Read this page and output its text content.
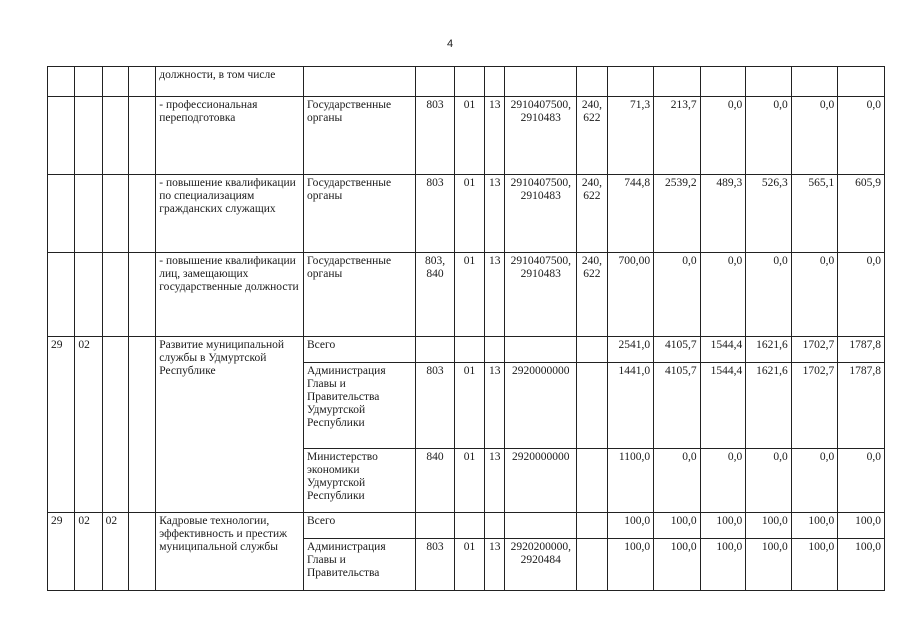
4
				должности, в том числе												
				- профессиональная переподготовка	Государственные органы	803	01	13	2910407500, 2910483	240, 622	71,3	213,7	0,0	0,0	0,0	0,0
				- повышение квалификации по специализациям гражданских служащих	Государственные органы	803	01	13	2910407500, 2910483	240, 622	744,8	2539,2	489,3	526,3	565,1	605,9
				- повышение квалификации лиц, замещающих государственные должности	Государственные органы	803, 840	01	13	2910407500, 2910483	240, 622	700,00	0,0	0,0	0,0	0,0	0,0
29	02			Развитие муниципальной службы в Удмуртской Республике	Всего						2541,0	4105,7	1544,4	1621,6	1702,7	1787,8
					Администрация Главы и Правительства Удмуртской Республики	803	01	13	2920000000		1441,0	4105,7	1544,4	1621,6	1702,7	1787,8
					Министерство экономики Удмуртской Республики	840	01	13	2920000000		1100,0	0,0	0,0	0,0	0,0	0,0
29	02	02		Кадровые технологии, эффективность и престиж муниципальной службы	Всего						100,0	100,0	100,0	100,0	100,0	100,0
					Администрация Главы и Правительства	803	01	13	2920200000, 2920484		100,0	100,0	100,0	100,0	100,0	100,0
